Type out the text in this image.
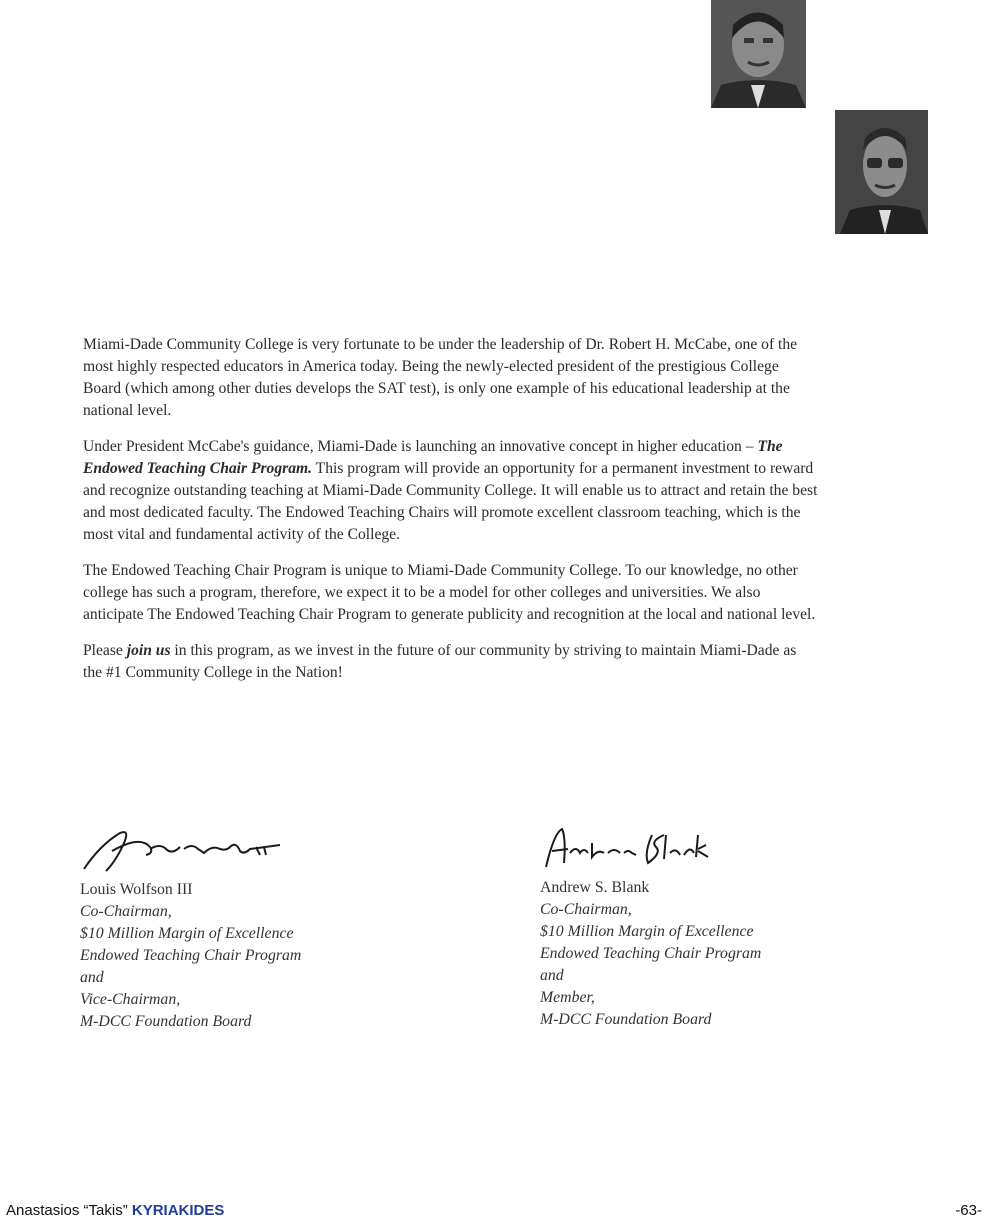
Miami-Dade Community College is very fortunate to be under the leadership of Dr. Robert H. McCabe, one of the most highly respected educators in America today. Being the newly-elected president of the prestigious College Board (which among other duties develops the SAT test), is only one example of his educational leadership at the national level.

Under President McCabe's guidance, Miami-Dade is launching an innovative concept in higher education – The Endowed Teaching Chair Program. This program will provide an opportunity for a permanent investment to reward and recognize outstanding teaching at Miami-Dade Community College. It will enable us to attract and retain the best and most dedicated faculty. The Endowed Teaching Chairs will promote excellent classroom teaching, which is the most vital and fundamental activity of the College.

The Endowed Teaching Chair Program is unique to Miami-Dade Community College. To our knowledge, no other college has such a program, therefore, we expect it to be a model for other colleges and universities. We also anticipate The Endowed Teaching Chair Program to generate publicity and recognition at the local and national level.

Please join us in this program, as we invest in the future of our community by striving to maintain Miami-Dade as the #1 Community College in the Nation!

Louis Wolfson III
Co-Chairman,
$10 Million Margin of Excellence
Endowed Teaching Chair Program
and
Vice-Chairman,
M-DCC Foundation Board
Andrew S. Blank
Co-Chairman,
$10 Million Margin of Excellence
Endowed Teaching Chair Program
and
Member,
M-DCC Foundation Board
Anastasios “Takis” KYRIAKIDES	-63-
